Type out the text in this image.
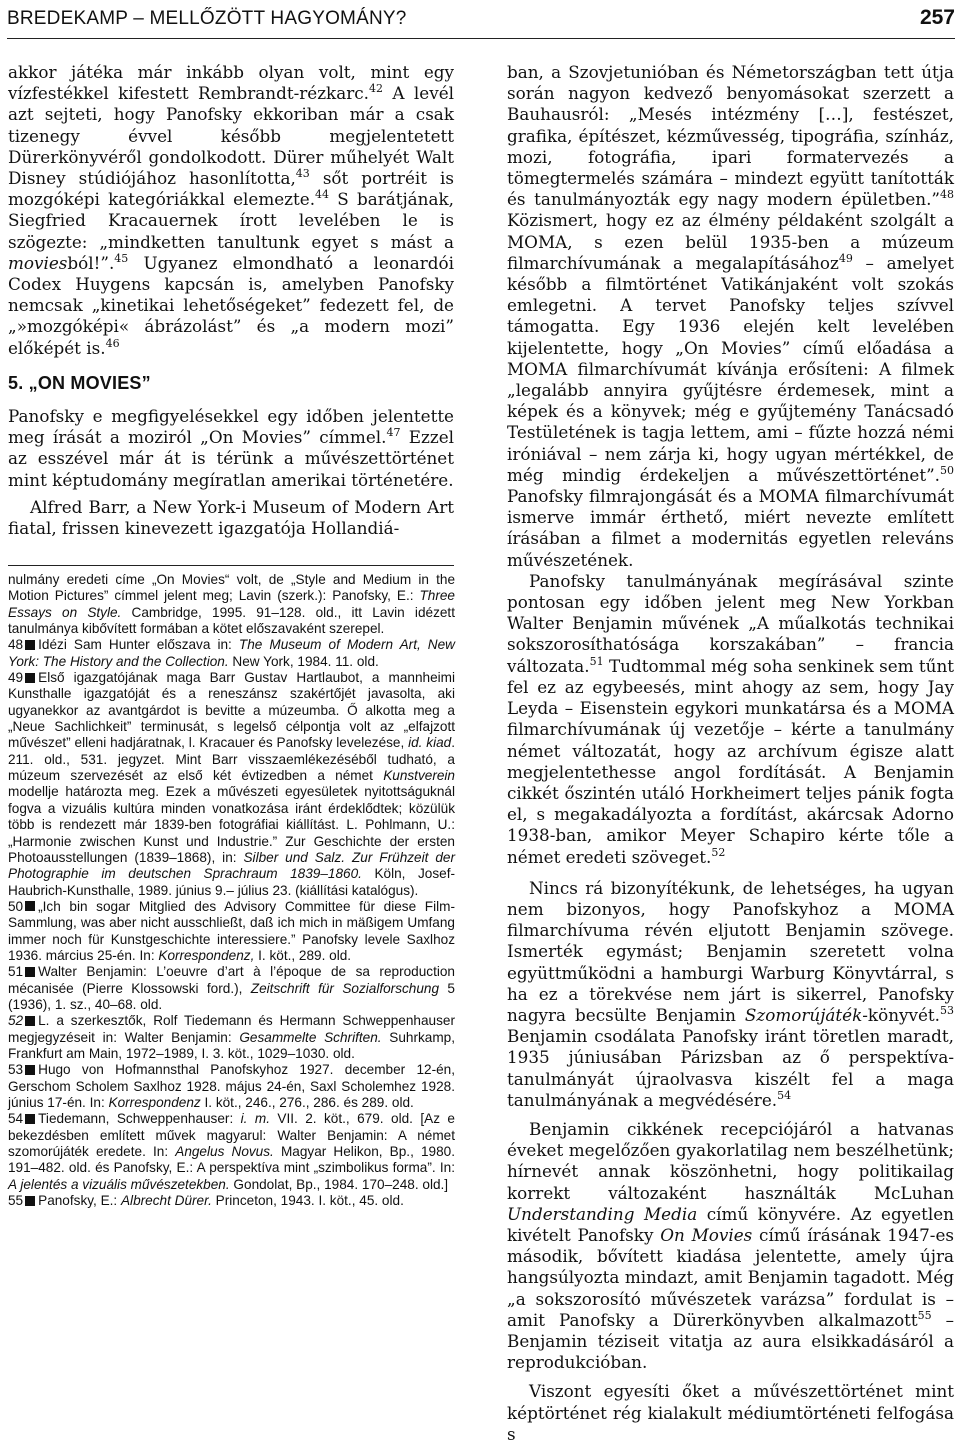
BREDEKAMP – MELLŐZÖTT HAGYOMÁNY?	257

akkor játéka már inkább olyan volt, mint egy vízfestékkel kifestett Rembrandt-rézkarc.$^{42}$ A levél azt sejteti, hogy Panofsky ekkoriban már a csak tizenegy évvel később megjelentetett Dürerkönyvéről gondolkodott. Dürer műhelyét Walt Disney stúdiójához hasonlította,$^{43}$ sőt portréit is mozgóképi kategóriákkal elemezte.$^{44}$ S barátjának, Siegfried Kracauernek írott levelében le is szögezte: „mindketten tanultunk egyet s mást a moviesból!”.$^{45}$ Ugyanez elmondható a leonardói Codex Huygens kapcsán is, amelyben Panofsky nemcsak „kinetikai lehetőségeket” fedezett fel, de „»mozgóképi« ábrázolást” és „a modern mozi” előképét is.$^{46}$

5. „ON MOVIES”

Panofsky e megfigyelésekkel egy időben jelentette meg írását a moziról „On Movies” címmel.$^{47}$ Ezzel az esszével már át is térünk a művészettörténet mint képtudomány megíratlan amerikai történetére.

Alfred Barr, a New York-i Museum of Modern Art fiatal, frissen kinevezett igazgatója Hollandiá-

nulmány eredeti címe „On Movies“ volt, de „Style and Medium in the Motion Pictures” címmel jelent meg; Lavin (szerk.): Panofsky, E.: Three Essays on Style. Cambridge, 1995. 91–128. old., itt Lavin idézett tanulmánya kibővített formában a kötet előszavaként szerepel.

48 Idézi Sam Hunter előszava in: The Museum of Modern Art, New York: The History and the Collection. New York, 1984. 11. old.

49 Első igazgatójának maga Barr Gustav Hartlaubot, a mannheimi Kunsthalle igazgatóját és a reneszánsz szakértőjét javasolta, aki ugyanekkor az avantgárdot is bevitte a múzeumba. Ő alkotta meg a „Neue Sachlichkeit” terminusát, s legelső célpontja volt az „elfajzott művészet” elleni hadjáratnak, l. Kracauer és Panofsky levelezése, id. kiad. 211. old., 531. jegyzet. Mint Barr visszaemlékezéséből tudható, a múzeum szervezését az első két évtizedben a német Kunstverein modellje határozta meg. Ezek a művészeti egyesületek nyitottságuknál fogva a vizuális kultúra minden vonatkozása iránt érdeklődtek; közülük több is rendezett már 1839-ben fotográfiai kiállítást. L. Pohlmann, U.: „Harmonie zwischen Kunst und Industrie.” Zur Geschichte der ersten Photoausstellungen (1839–1868), in: Silber und Salz. Zur Frühzeit der Photographie im deutschen Sprachraum 1839–1860. Köln, Josef-Haubrich-Kunsthalle, 1989. június 9.– július 23. (kiállítási katalógus).

50 „Ich bin sogar Mitglied des Advisory Committee für diese Film-Sammlung, was aber nicht ausschließt, daß ich mich in mäßigem Umfang immer noch für Kunstgeschichte interessiere.” Panofsky levele Saxlhoz 1936. március 25-én. In: Korrespondenz, I. köt., 289. old.

51 Walter Benjamin: L’oeuvre d’art à l’époque de sa reproduction mécanisée (Pierre Klossowski ford.), Zeitschrift für Sozialforschung 5 (1936), 1. sz., 40–68. old.

52 L. a szerkesztők, Rolf Tiedemann és Hermann Schweppenhauser megjegyzéseit in: Walter Benjamin: Gesammelte Schriften. Suhrkamp, Frankfurt am Main, 1972–1989, I. 3. köt., 1029–1030. old.

53 Hugo von Hofmannsthal Panofskyhoz 1927. december 12-én, Gerschom Scholem Saxlhoz 1928. május 24-én, Saxl Scholemhez 1928. június 17-én. In: Korrespondenz I. köt., 246., 276., 286. és 289. old.

54 Tiedemann, Schweppenhauser: i. m. VII. 2. köt., 679. old. [Az e bekezdésben említett művek magyarul: Walter Benjamin: A német szomorújáték eredete. In: Angelus Novus. Magyar Helikon, Bp., 1980. 191–482. old. és Panofsky, E.: A perspektíva mint „szimbolikus forma”. In: A jelentés a vizuális művészetekben. Gondolat, Bp., 1984. 170–248. old.]

55 Panofsky, E.: Albrecht Dürer. Princeton, 1943. I. köt., 45. old.

ban, a Szovjetunióban és Németországban tett útja során nagyon kedvező benyomásokat szerzett a Bauhausról: „Mesés intézmény […], festészet, grafika, építészet, kézművesség, tipográfia, színház, mozi, fotográfia, ipari formatervezés a tömegtermelés számára – mindezt együtt tanították és tanulmányozták egy nagy modern épületben.”$^{48}$ Közismert, hogy ez az élmény példaként szolgált a MOMA, s ezen belül 1935-ben a múzeum filmarchívumának a megalapításához$^{49}$ – amelyet később a filmtörténet Vatikánjaként volt szokás emlegetni. A tervet Panofsky teljes szívvel támogatta. Egy 1936 elején kelt levelében kijelentette, hogy „On Movies” című előadása a MOMA filmarchívumát kívánja erősíteni: A filmek „legalább annyira gyűjtésre érdemesek, mint a képek és a könyvek; még e gyűjtemény Tanácsadó Testületének is tagja lettem, ami – fűzte hozzá némi iróniával – nem zárja ki, hogy ugyan mértékkel, de még mindig érdekeljen a művészettörténet”.$^{50}$ Panofsky filmrajongását és a MOMA filmarchívumát ismerve immár érthető, miért nevezte említett írásában a filmet a modernitás egyetlen releváns művészetének.

Panofsky tanulmányának megírásával szinte pontosan egy időben jelent meg New Yorkban Walter Benjamin művének „A műalkotás technikai sokszorosíthatósága korszakában” – francia változata.$^{51}$ Tudtommal még soha senkinek sem tűnt fel ez az egybeesés, mint ahogy az sem, hogy Jay Leyda – Eisenstein egykori munkatársa és a MOMA filmarchívumának új vezetője – kérte a tanulmány német változatát, hogy az archívum égisze alatt megjelentethesse angol fordítását. A Benjamin cikkét őszintén utáló Horkheimert teljes pánik fogta el, s megakadályozta a fordítást, akárcsak Adorno 1938-ban, amikor Meyer Schapiro kérte tőle a német eredeti szöveget.$^{52}$

Nincs rá bizonyítékunk, de lehetséges, ha ugyan nem bizonyos, hogy Panofskyhoz a MOMA filmarchívuma révén eljutott Benjamin szövege. Ismerték egymást; Benjamin szeretett volna együttműködni a hamburgi Warburg Könyvtárral, s ha ez a törekvése nem járt is sikerrel, Panofsky nagyra becsülte Benjamin Szomorújáték-könyvét.$^{53}$ Benjamin csodálata Panofsky iránt töretlen maradt, 1935 júniusában Párizsban az ő perspektíva-tanulmányát újraolvasva kiszélt fel a maga tanulmányának a megvédésére.$^{54}$

Benjamin cikkének recepciójáról a hatvanas éveket megelőzően gyakorlatilag nem beszélhetünk; hírnevét annak köszönhetni, hogy politikailag korrekt változaként használták McLuhan Understanding Media című könyvére. Az egyetlen kivételt Panofsky On Movies című írásának 1947-es második, bővített kiadása jelentette, amely újra hangsúlyozta mindazt, amit Benjamin tagadott. Még „a sokszorosító művészetek varázsa” fordulat is – amit Panofsky a Dürerkönyvben alkalmazott$^{55}$ – Benjamin téziseit vitatja az aura elsikkadásáról a reprodukcióban.

Viszont egyesíti őket a művészettörténet mint képtörténet rég kialakult médiumtörténeti felfogása s
